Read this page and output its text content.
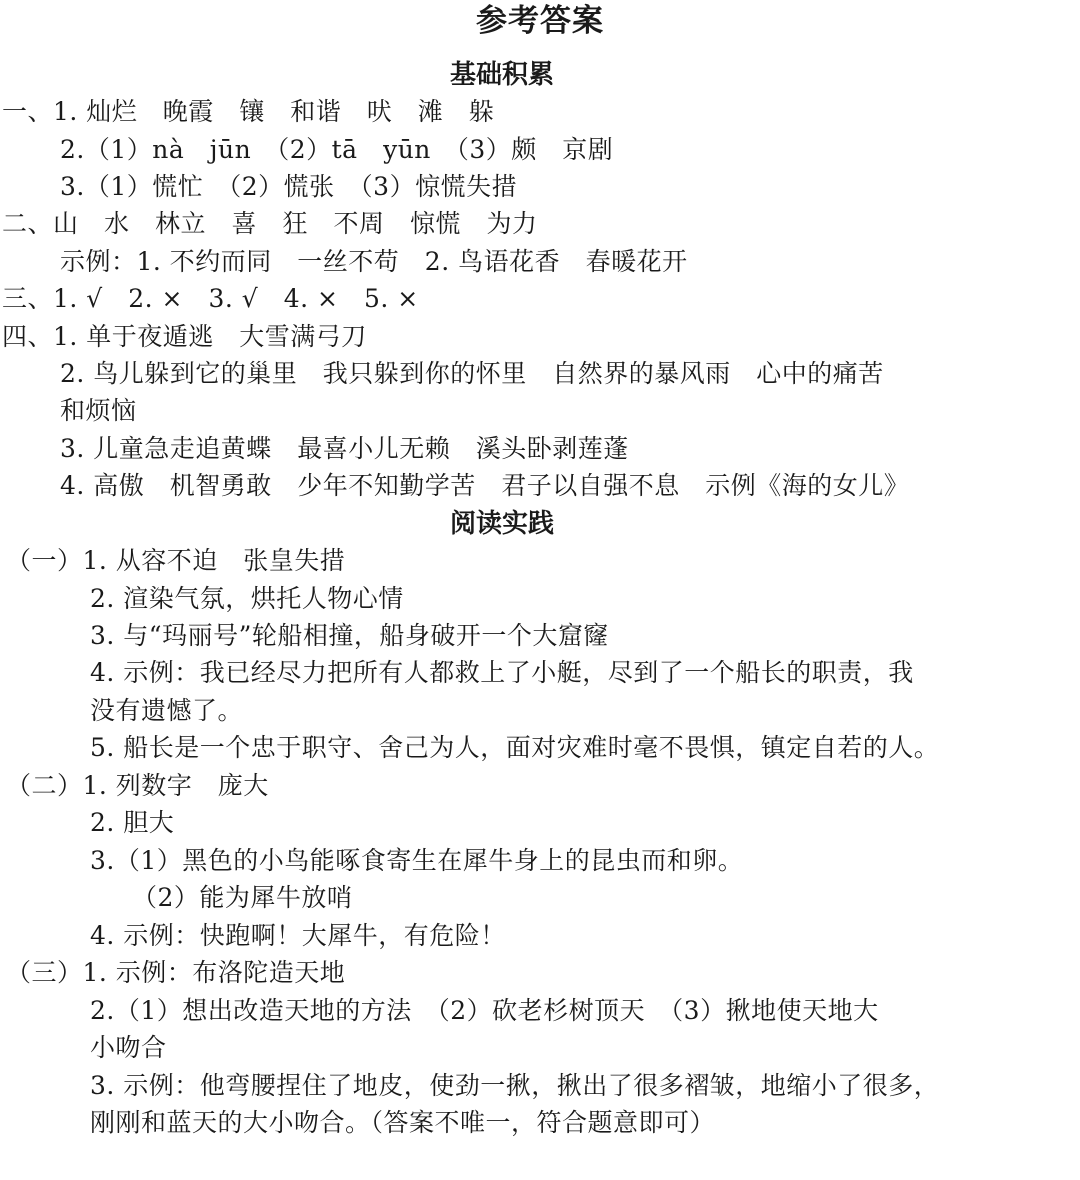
参考答案
基础积累
一、1. 灿烂　晚霞　镶　和谐　吠　滩　躲
2.（1）nà　jūn　（2）tā　yūn　（3）颇　京剧
3.（1）慌忙　（2）慌张　（3）惊慌失措
二、山　水　林立　喜　狂　不周　惊慌　为力
示例：1. 不约而同　一丝不苟　2. 鸟语花香　春暖花开
三、1. √　2. ×　3. √　4. ×　5. ×
四、1. 单于夜遁逃　大雪满弓刀
2. 鸟儿躲到它的巢里　我只躲到你的怀里　自然界的暴风雨　心中的痛苦
和烦恼
3. 儿童急走追黄蝶　最喜小儿无赖　溪头卧剥莲蓬
4. 高傲　机智勇敢　少年不知勤学苦　君子以自强不息　示例《海的女儿》
阅读实践
（一）1. 从容不迫　张皇失措
2. 渲染气氛，烘托人物心情
3. 与“玛丽号”轮船相撞，船身破开一个大窟窿
4. 示例：我已经尽力把所有人都救上了小艇，尽到了一个船长的职责，我
没有遗憾了。
5. 船长是一个忠于职守、舍己为人，面对灾难时毫不畏惧，镇定自若的人。
（二）1. 列数字　庞大
2. 胆大
3.（1）黑色的小鸟能啄食寄生在犀牛身上的昆虫而和卵。
（2）能为犀牛放哨
4. 示例：快跑啊！大犀牛，有危险！
（三）1. 示例：布洛陀造天地
2.（1）想出改造天地的方法　（2）砍老杉树顶天　（3）揪地使天地大
小吻合
3. 示例：他弯腰捏住了地皮，使劲一揪，揪出了很多褶皱，地缩小了很多，
刚刚和蓝天的大小吻合。（答案不唯一，符合题意即可）
